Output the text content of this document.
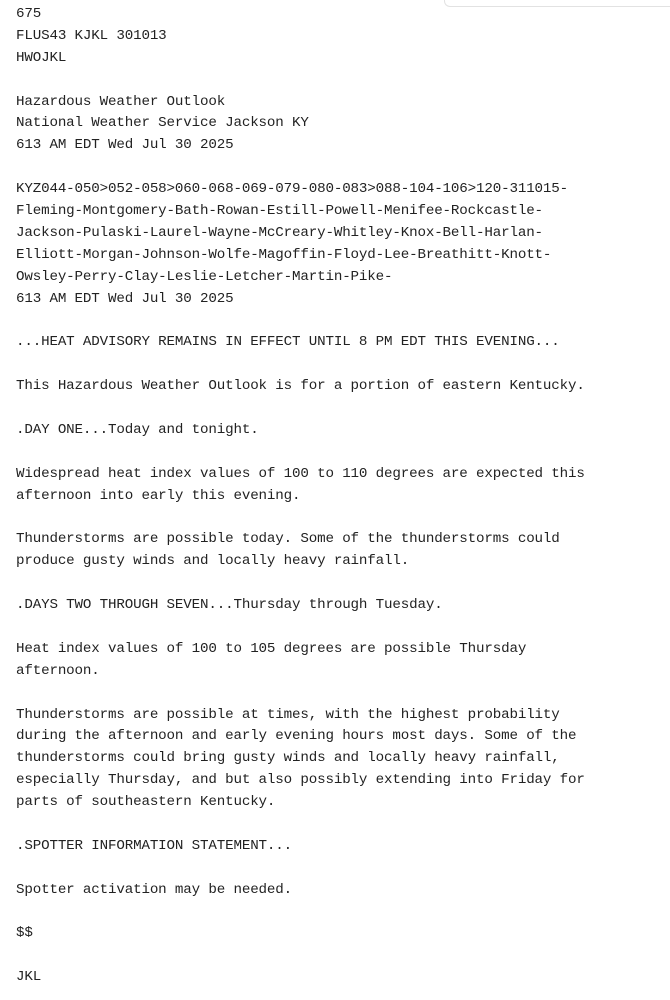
675
FLUS43 KJKL 301013
HWOJKL
Hazardous Weather Outlook
National Weather Service Jackson KY
613 AM EDT Wed Jul 30 2025
KYZ044-050>052-058>060-068-069-079-080-083>088-104-106>120-311015-
Fleming-Montgomery-Bath-Rowan-Estill-Powell-Menifee-Rockcastle-
Jackson-Pulaski-Laurel-Wayne-McCreary-Whitley-Knox-Bell-Harlan-
Elliott-Morgan-Johnson-Wolfe-Magoffin-Floyd-Lee-Breathitt-Knott-
Owsley-Perry-Clay-Leslie-Letcher-Martin-Pike-
613 AM EDT Wed Jul 30 2025
...HEAT ADVISORY REMAINS IN EFFECT UNTIL 8 PM EDT THIS EVENING...
This Hazardous Weather Outlook is for a portion of eastern Kentucky.
.DAY ONE...Today and tonight.
Widespread heat index values of 100 to 110 degrees are expected this
afternoon into early this evening.
Thunderstorms are possible today. Some of the thunderstorms could
produce gusty winds and locally heavy rainfall.
.DAYS TWO THROUGH SEVEN...Thursday through Tuesday.
Heat index values of 100 to 105 degrees are possible Thursday
afternoon.
Thunderstorms are possible at times, with the highest probability
during the afternoon and early evening hours most days. Some of the
thunderstorms could bring gusty winds and locally heavy rainfall,
especially Thursday, and but also possibly extending into Friday for
parts of southeastern Kentucky.
.SPOTTER INFORMATION STATEMENT...
Spotter activation may be needed.
$$
JKL
